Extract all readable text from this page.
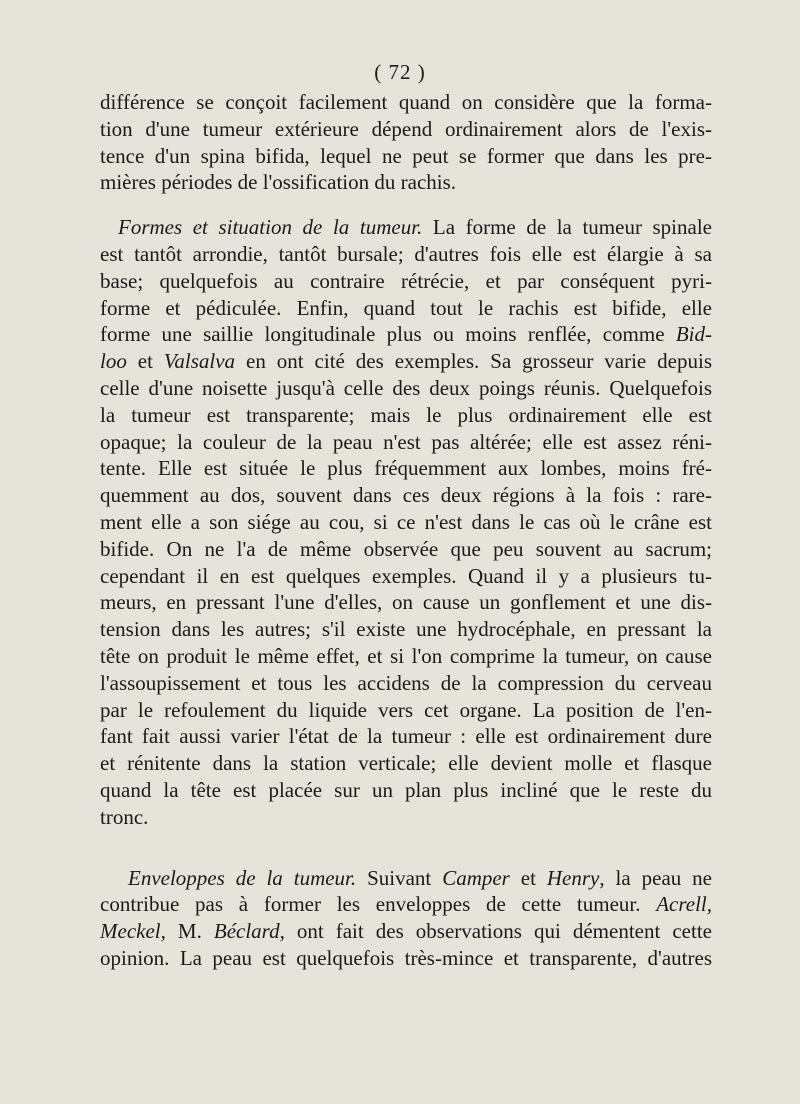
( 72 )
différence se conçoit facilement quand on considère que la forma-
tion d'une tumeur extérieure dépend ordinairement alors de l'exis-
tence d'un spina bifida, lequel ne peut se former que dans les pre-
mières périodes de l'ossification du rachis.
Formes et situation de la tumeur. La forme de la tumeur spinale
est tantôt arrondie, tantôt bursale; d'autres fois elle est élargie à sa
base; quelquefois au contraire rétrécie, et par conséquent pyri-
forme et pédiculée. Enfin, quand tout le rachis est bifide, elle
forme une saillie longitudinale plus ou moins renflée, comme Bid-
loo et Valsalva en ont cité des exemples. Sa grosseur varie depuis
celle d'une noisette jusqu'à celle des deux poings réunis. Quelquefois
la tumeur est transparente; mais le plus ordinairement elle est
opaque; la couleur de la peau n'est pas altérée; elle est assez réni-
tente. Elle est située le plus fréquemment aux lombes, moins fré-
quemment au dos, souvent dans ces deux régions à la fois : rare-
ment elle a son siége au cou, si ce n'est dans le cas où le crâne est
bifide. On ne l'a de même observée que peu souvent au sacrum;
cependant il en est quelques exemples. Quand il y a plusieurs tu-
meurs, en pressant l'une d'elles, on cause un gonflement et une dis-
tension dans les autres; s'il existe une hydrocéphale, en pressant la
tête on produit le même effet, et si l'on comprime la tumeur, on cause
l'assoupissement et tous les accidens de la compression du cerveau
par le refoulement du liquide vers cet organe. La position de l'en-
fant fait aussi varier l'état de la tumeur : elle est ordinairement dure
et rénitente dans la station verticale; elle devient molle et flasque
quand la tête est placée sur un plan plus incliné que le reste du
tronc.
Enveloppes de la tumeur. Suivant Camper et Henry, la peau ne
contribue pas à former les enveloppes de cette tumeur. Acrell,
Meckel, M. Béclard, ont fait des observations qui démentent cette
opinion. La peau est quelquefois très-mince et transparente, d'autres
